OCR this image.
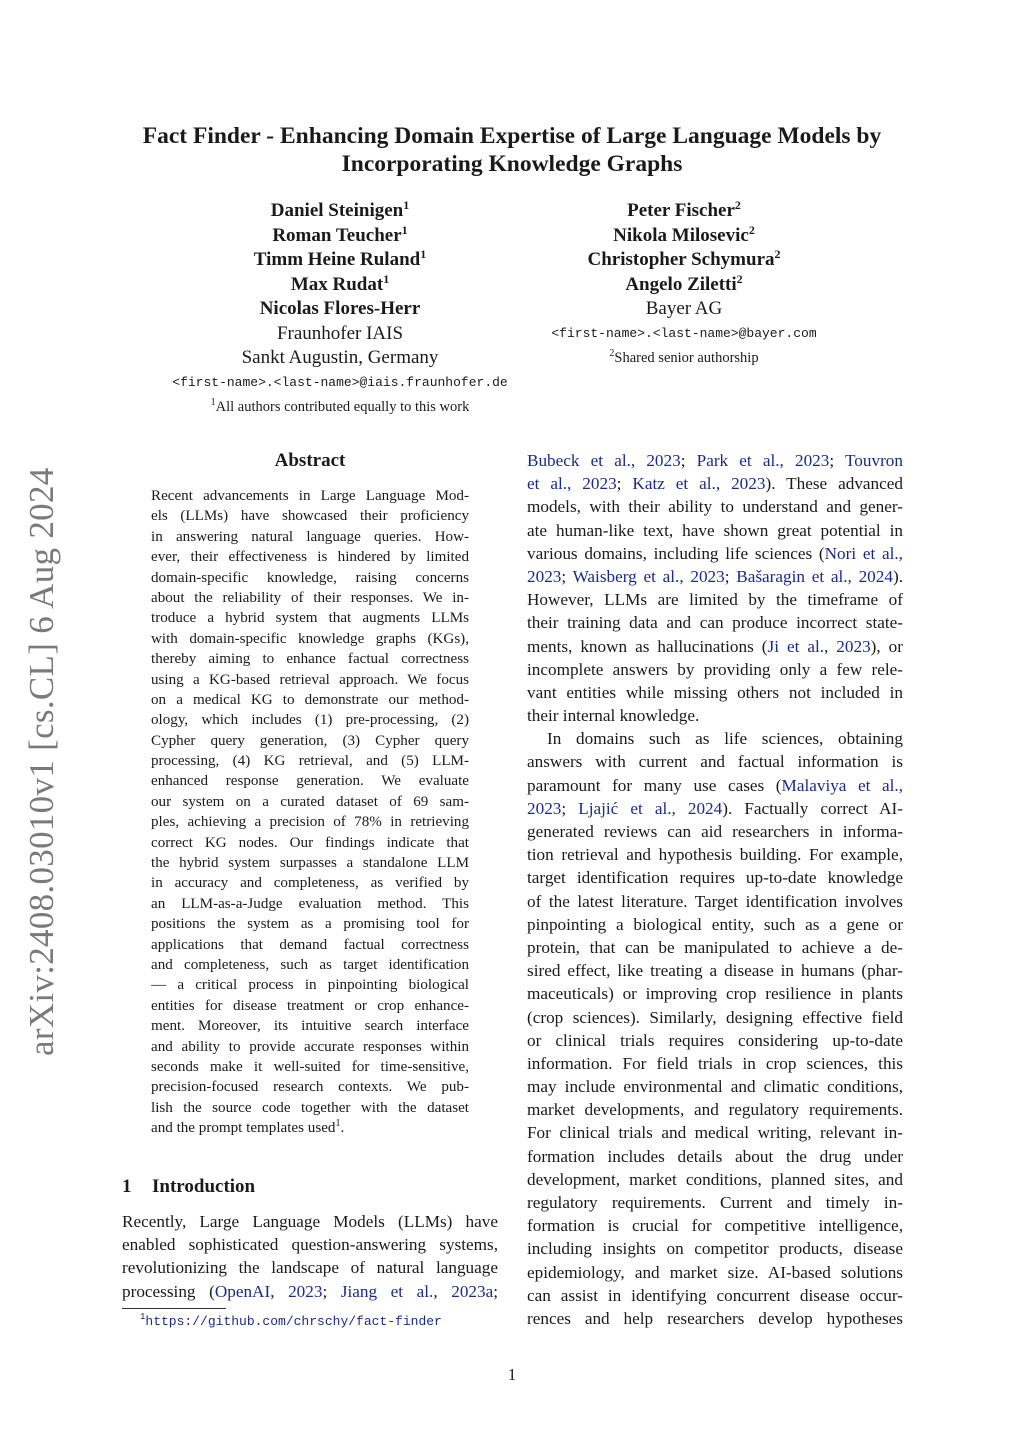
arXiv:2408.03010v1 [cs.CL] 6 Aug 2024
Fact Finder - Enhancing Domain Expertise of Large Language Models by
Incorporating Knowledge Graphs
Daniel Steinigen$^1$
Roman Teucher$^1$
Timm Heine Ruland$^1$
Max Rudat$^1$
Nicolas Flores-Herr
Fraunhofer IAIS
Sankt Augustin, Germany
<first-name>.<last-name>@iais.fraunhofer.de
$^1$All authors contributed equally to this work
Peter Fischer$^2$
Nikola Milosevic$^2$
Christopher Schymura$^2$
Angelo Ziletti$^2$
Bayer AG
<first-name>.<last-name>@bayer.com
$^2$Shared senior authorship
Abstract
Recent advancements in Large Language Mod-
els (LLMs) have showcased their proficiency
in answering natural language queries. How-
ever, their effectiveness is hindered by limited
domain-specific knowledge, raising concerns
about the reliability of their responses. We in-
troduce a hybrid system that augments LLMs
with domain-specific knowledge graphs (KGs),
thereby aiming to enhance factual correctness
using a KG-based retrieval approach. We focus
on a medical KG to demonstrate our method-
ology, which includes (1) pre-processing, (2)
Cypher query generation, (3) Cypher query
processing, (4) KG retrieval, and (5) LLM-
enhanced response generation. We evaluate
our system on a curated dataset of 69 sam-
ples, achieving a precision of 78% in retrieving
correct KG nodes. Our findings indicate that
the hybrid system surpasses a standalone LLM
in accuracy and completeness, as verified by
an LLM-as-a-Judge evaluation method. This
positions the system as a promising tool for
applications that demand factual correctness
and completeness, such as target identification
— a critical process in pinpointing biological
entities for disease treatment or crop enhance-
ment. Moreover, its intuitive search interface
and ability to provide accurate responses within
seconds make it well-suited for time-sensitive,
precision-focused research contexts. We pub-
lish the source code together with the dataset
and the prompt templates used$^1$.
1 Introduction
Recently, Large Language Models (LLMs) have
enabled sophisticated question-answering systems,
revolutionizing the landscape of natural language
processing (OpenAI, 2023; Jiang et al., 2023a;
$^1$https://github.com/chrschy/fact-finder
Bubeck et al., 2023; Park et al., 2023; Touvron
et al., 2023; Katz et al., 2023). These advanced
models, with their ability to understand and gener-
ate human-like text, have shown great potential in
various domains, including life sciences (Nori et al.,
2023; Waisberg et al., 2023; Bašaragin et al., 2024).
However, LLMs are limited by the timeframe of
their training data and can produce incorrect state-
ments, known as hallucinations (Ji et al., 2023), or
incomplete answers by providing only a few rele-
vant entities while missing others not included in
their internal knowledge.
In domains such as life sciences, obtaining
answers with current and factual information is
paramount for many use cases (Malaviya et al.,
2023; Ljajić et al., 2024). Factually correct AI-
generated reviews can aid researchers in informa-
tion retrieval and hypothesis building. For example,
target identification requires up-to-date knowledge
of the latest literature. Target identification involves
pinpointing a biological entity, such as a gene or
protein, that can be manipulated to achieve a de-
sired effect, like treating a disease in humans (phar-
maceuticals) or improving crop resilience in plants
(crop sciences). Similarly, designing effective field
or clinical trials requires considering up-to-date
information. For field trials in crop sciences, this
may include environmental and climatic conditions,
market developments, and regulatory requirements.
For clinical trials and medical writing, relevant in-
formation includes details about the drug under
development, market conditions, planned sites, and
regulatory requirements. Current and timely in-
formation is crucial for competitive intelligence,
including insights on competitor products, disease
epidemiology, and market size. AI-based solutions
can assist in identifying concurrent disease occur-
rences and help researchers develop hypotheses
1
